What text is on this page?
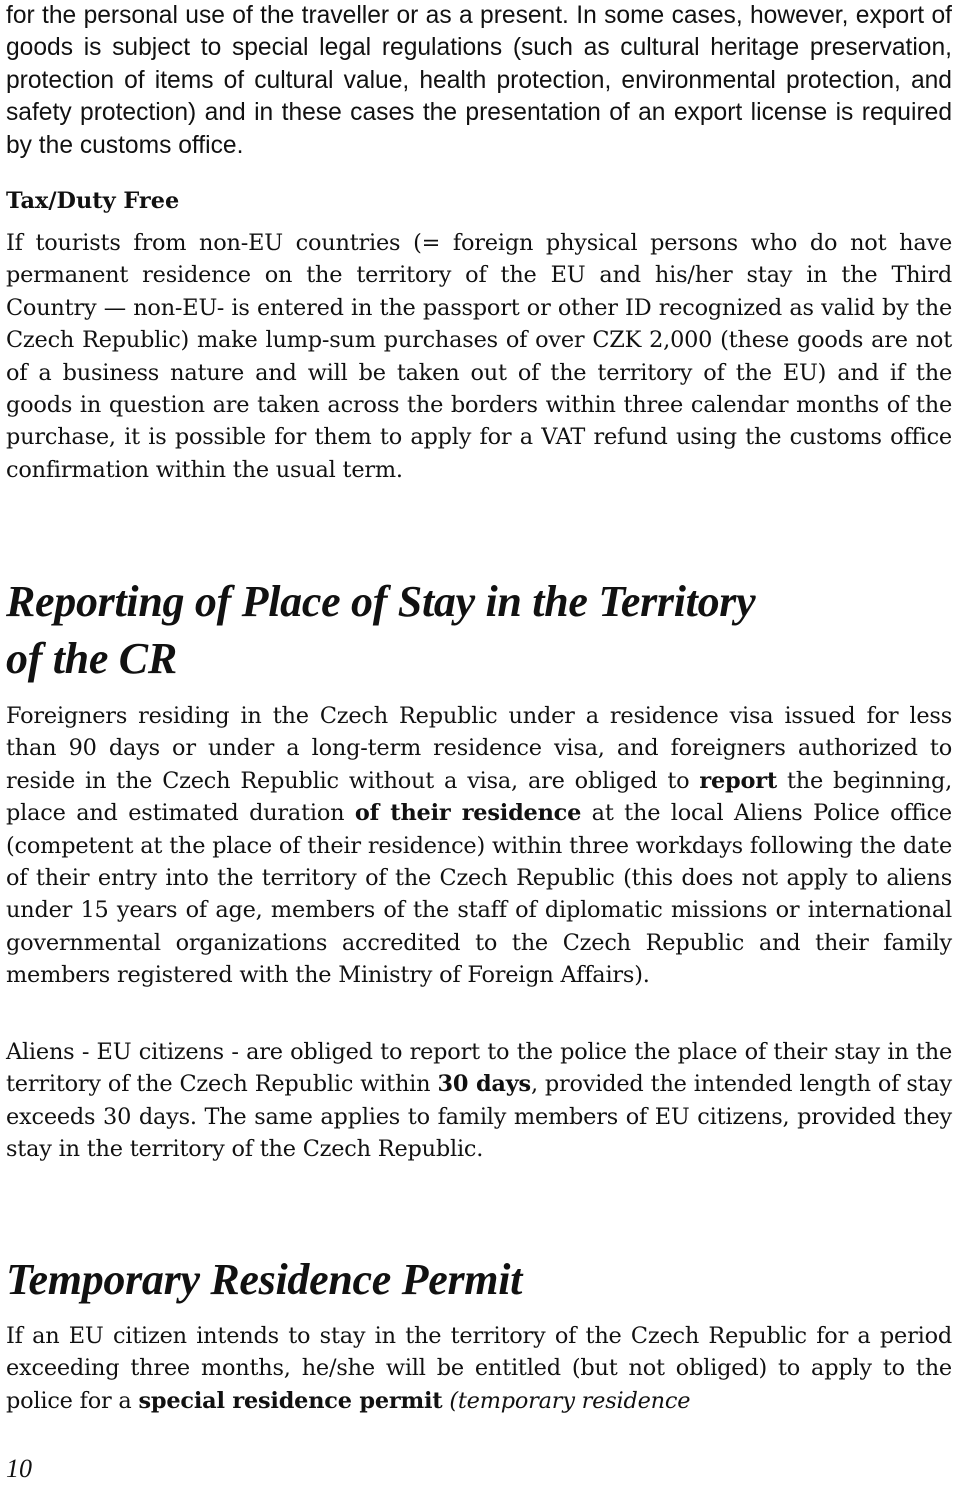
for the personal use of the traveller or as a present. In some cases, however, export of goods is subject to special legal regulations (such as cultural heritage preservation, protection of items of cultural value, health protection, environmental protection, and safety protection) and in these cases the presentation of an export license is required by the customs office.

Tax/Duty Free

If tourists from non-EU countries (= foreign physical persons who do not have permanent residence on the territory of the EU and his/her stay in the Third Country — non-EU- is entered in the passport or other ID recognized as valid by the Czech Republic) make lump-sum purchases of over CZK 2,000 (these goods are not of a business nature and will be taken out of the territory of the EU) and if the goods in question are taken across the borders within three calendar months of the purchase, it is possible for them to apply for a VAT refund using the customs office confirmation within the usual term.

Reporting of Place of Stay in the Territory
of the CR

Foreigners residing in the Czech Republic under a residence visa issued for less than 90 days or under a long-term residence visa, and foreigners authorized to reside in the Czech Republic without a visa, are obliged to report the beginning, place and estimated duration of their residence at the local Aliens Police office (competent at the place of their residence) within three workdays following the date of their entry into the territory of the Czech Republic (this does not apply to aliens under 15 years of age, members of the staff of diplomatic missions or international governmental organizations accredited to the Czech Republic and their family members registered with the Ministry of Foreign Affairs).

Aliens - EU citizens - are obliged to report to the police the place of their stay in the territory of the Czech Republic within 30 days, provided the intended length of stay exceeds 30 days. The same applies to family members of EU citizens, provided they stay in the territory of the Czech Republic.

Temporary Residence Permit

If an EU citizen intends to stay in the territory of the Czech Republic for a period exceeding three months, he/she will be entitled (but not obliged) to apply to the police for a special residence permit (temporary residence

10
